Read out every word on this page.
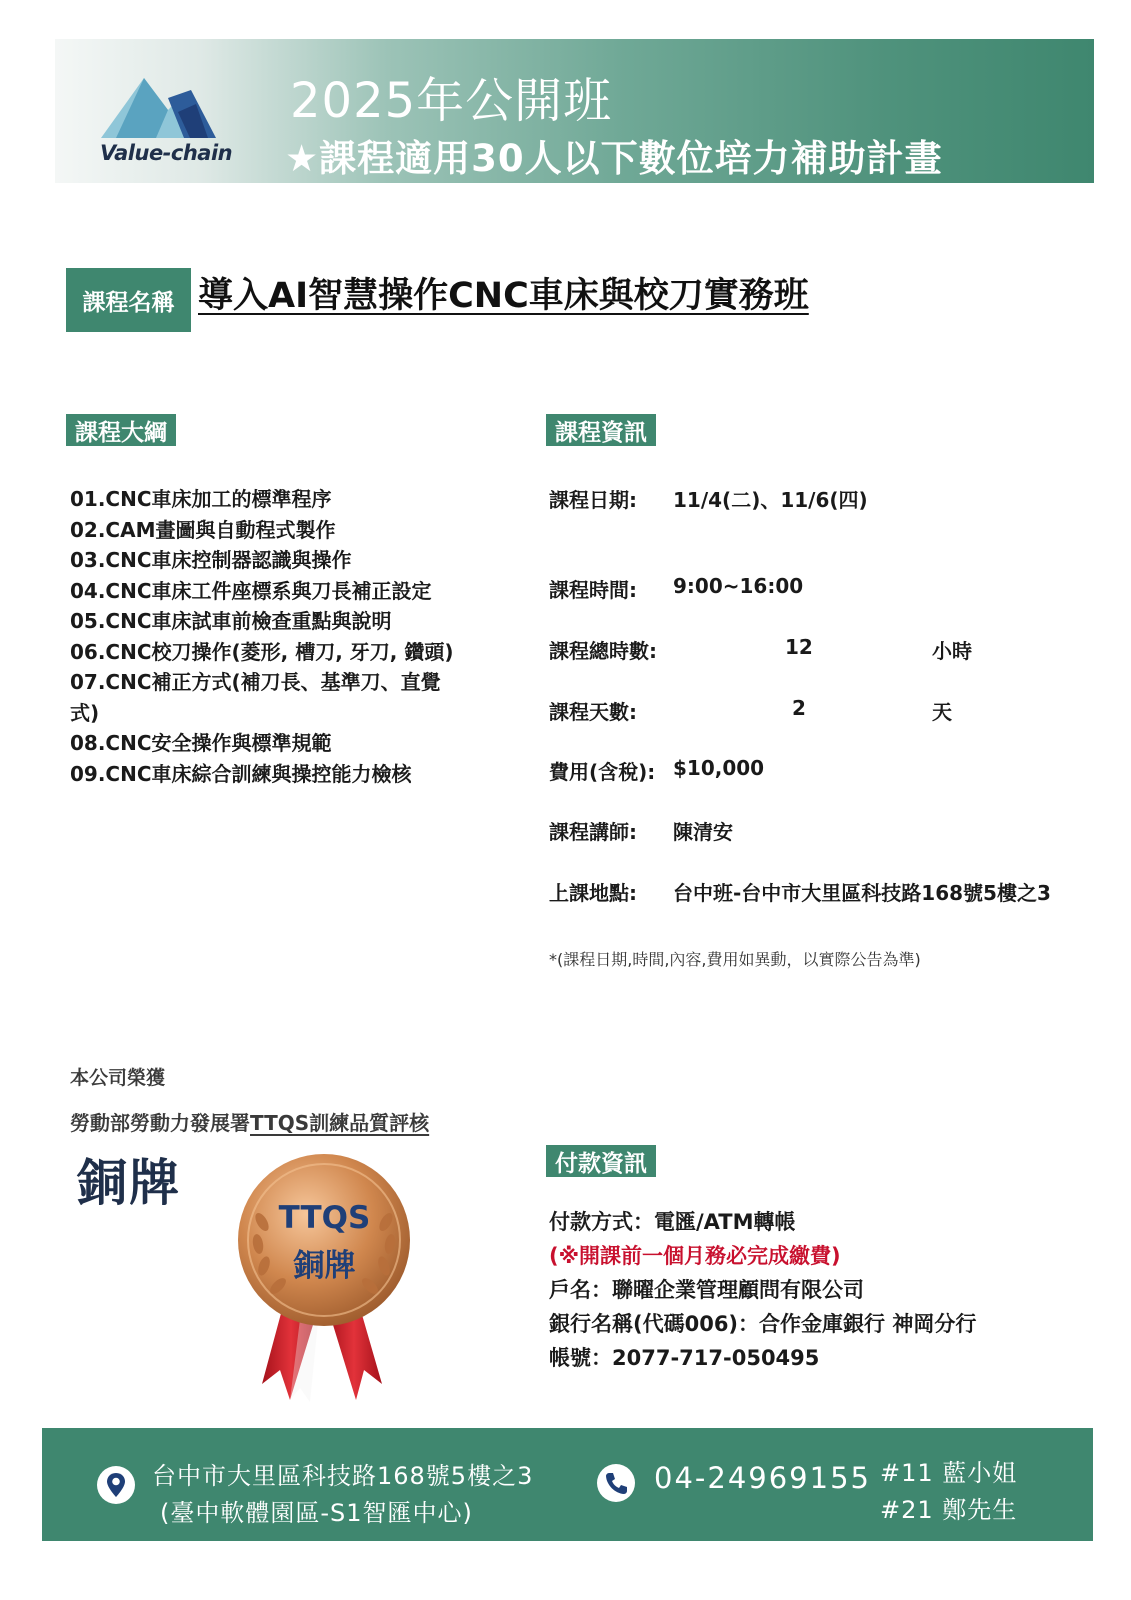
Value-chain
2025年公開班
★課程適用30人以下數位培力補助計畫
課程名稱 導入AI智慧操作CNC車床與校刀實務班
課程大綱
01.CNC車床加工的標準程序
02.CAM畫圖與自動程式製作
03.CNC車床控制器認識與操作
04.CNC車床工件座標系與刀長補正設定
05.CNC車床試車前檢查重點與說明
06.CNC校刀操作(菱形, 槽刀, 牙刀, 鑽頭)
07.CNC補正方式(補刀長、基準刀、直覺
式)
08.CNC安全操作與標準規範
09.CNC車床綜合訓練與操控能力檢核
課程資訊
課程日期: 11/4(二)、11/6(四)
課程時間: 9:00~16:00
課程總時數:	12	小時
課程天數:	2	天
費用(含稅): $10,000
課程講師: 陳清安
上課地點: 台中班-台中市大里區科技路168號5樓之3
*(課程日期,時間,內容,費用如異動，以實際公告為準)
本公司榮獲
勞動部勞動力發展署TTQS訓練品質評核
銅牌
TTQS
銅牌
付款資訊
付款方式：電匯/ATM轉帳
(※開課前一個月務必完成繳費)
戶名：聯曜企業管理顧問有限公司
銀行名稱(代碼006)：合作金庫銀行 神岡分行
帳號：2077-717-050495
台中市大里區科技路168號5樓之3
(臺中軟體園區-S1智匯中心)
04-24969155 #11 藍小姐
#21 鄭先生
